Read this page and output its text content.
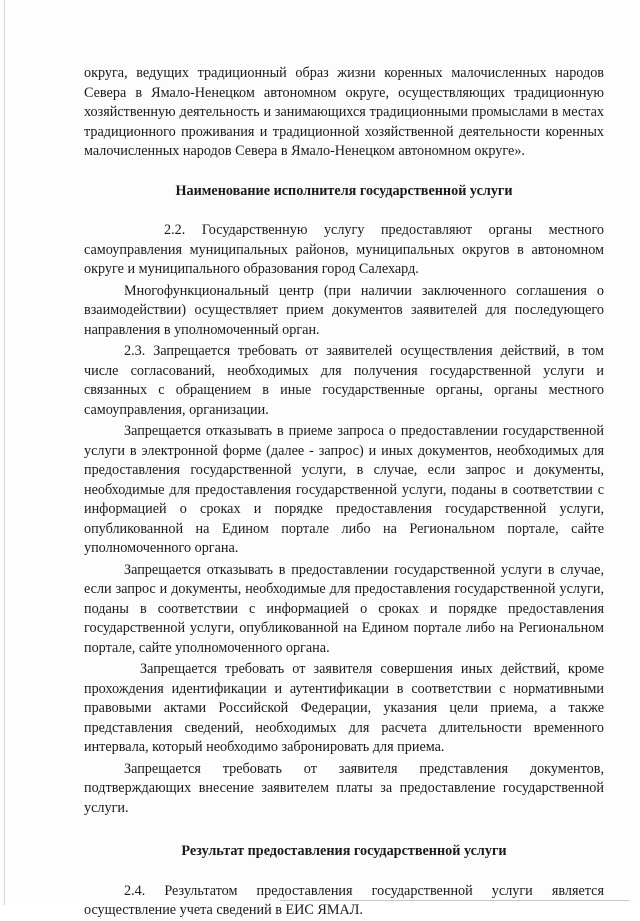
округа, ведущих традиционный образ жизни коренных малочисленных народов Севера в Ямало-Ненецком автономном округе, осуществляющих традиционную хозяйственную деятельность и занимающихся традиционными промыслами в местах традиционного проживания и традиционной хозяйственной деятельности коренных малочисленных народов Севера в Ямало-Ненецком автономном округе».

Наименование исполнителя государственной услуги

2.2. Государственную услугу предоставляют органы местного самоуправления муниципальных районов, муниципальных округов в автономном округе и муниципального образования город Салехард.

Многофункциональный центр (при наличии заключенного соглашения о взаимодействии) осуществляет прием документов заявителей для последующего направления в уполномоченный орган.

2.3. Запрещается требовать от заявителей осуществления действий, в том числе согласований, необходимых для получения государственной услуги и связанных с обращением в иные государственные органы, органы местного самоуправления, организации.

Запрещается отказывать в приеме запроса о предоставлении государственной услуги в электронной форме (далее - запрос) и иных документов, необходимых для предоставления государственной услуги, в случае, если запрос и документы, необходимые для предоставления государственной услуги, поданы в соответствии с информацией о сроках и порядке предоставления государственной услуги, опубликованной на Едином портале либо на Региональном портале, сайте уполномоченного органа.

Запрещается отказывать в предоставлении государственной услуги в случае, если запрос и документы, необходимые для предоставления государственной услуги, поданы в соответствии с информацией о сроках и порядке предоставления государственной услуги, опубликованной на Едином портале либо на Региональном портале, сайте уполномоченного органа.

Запрещается требовать от заявителя совершения иных действий, кроме прохождения идентификации и аутентификации в соответствии с нормативными правовыми актами Российской Федерации, указания цели приема, а также представления сведений, необходимых для расчета длительности временного интервала, который необходимо забронировать для приема.

Запрещается требовать от заявителя представления документов, подтверждающих внесение заявителем платы за предоставление государственной услуги.

Результат предоставления государственной услуги

2.4. Результатом предоставления государственной услуги является осуществление учета сведений в ЕИС ЯМАЛ.
